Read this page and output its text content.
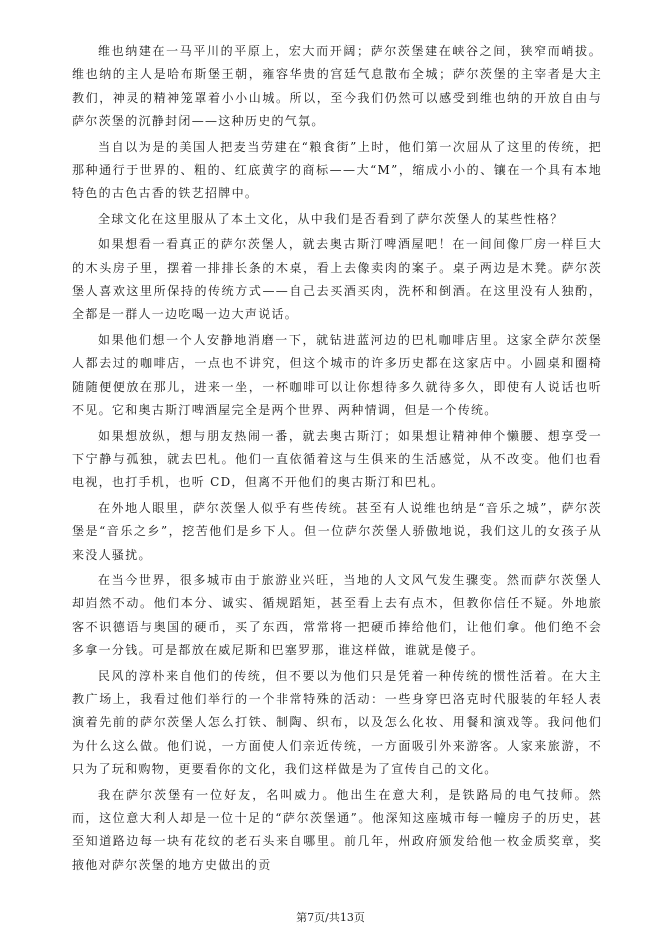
维也纳建在一马平川的平原上，宏大而开阔；萨尔茨堡建在峡谷之间，狭窄而峭拔。维也纳的主人是哈布斯堡王朝，雍容华贵的宫廷气息散布全城；萨尔茨堡的主宰者是大主教们，神灵的精神笼罩着小小山城。所以，至今我们仍然可以感受到维也纳的开放自由与萨尔茨堡的沉静封闭——这种历史的气氛。

当自以为是的美国人把麦当劳建在“粮食街”上时，他们第一次屈从了这里的传统，把那种通行于世界的、粗的、红底黄字的商标——大“M”，缩成小小的、镶在一个具有本地特色的古色古香的铁艺招牌中。

全球文化在这里服从了本土文化，从中我们是否看到了萨尔茨堡人的某些性格？

如果想看一看真正的萨尔茨堡人，就去奥古斯汀啤酒屋吧！在一间间像厂房一样巨大的木头房子里，摆着一排排长条的木桌，看上去像卖肉的案子。桌子两边是木凳。萨尔茨堡人喜欢这里所保持的传统方式——自己去买酒买肉，洗杯和倒酒。在这里没有人独酌，全都是一群人一边吃喝一边大声说话。

如果他们想一个人安静地消磨一下，就钻进蓝河边的巴札咖啡店里。这家全萨尔茨堡人都去过的咖啡店，一点也不讲究，但这个城市的许多历史都在这家店中。小圆桌和圈椅随随便便放在那儿，进来一坐，一杯咖啡可以让你想待多久就待多久，即使有人说话也听不见。它和奥古斯汀啤酒屋完全是两个世界、两种情调，但是一个传统。

如果想放纵，想与朋友热闹一番，就去奥古斯汀；如果想让精神伸个懒腰、想享受一下宁静与孤独，就去巴札。他们一直依循着这与生俱来的生活感觉，从不改变。他们也看电视，也打手机，也听 CD，但离不开他们的奥古斯汀和巴札。

在外地人眼里，萨尔茨堡人似乎有些传统。甚至有人说维也纳是“音乐之城”，萨尔茨堡是“音乐之乡”，挖苦他们是乡下人。但一位萨尔茨堡人骄傲地说，我们这儿的女孩子从来没人骚扰。

在当今世界，很多城市由于旅游业兴旺，当地的人文风气发生骤变。然而萨尔茨堡人却岿然不动。他们本分、诚实、循规蹈矩，甚至看上去有点木，但教你信任不疑。外地旅客不识德语与奥国的硬币，买了东西，常常将一把硬币捧给他们，让他们拿。他们绝不会多拿一分钱。可是都放在威尼斯和巴塞罗那，谁这样做，谁就是傻子。

民风的淳朴来自他们的传统，但不要以为他们只是凭着一种传统的惯性活着。在大主教广场上，我看过他们举行的一个非常特殊的活动：一些身穿巴洛克时代服装的年轻人表演着先前的萨尔茨堡人怎么打铁、制陶、织布，以及怎么化妆、用餐和演戏等。我问他们为什么这么做。他们说，一方面使人们亲近传统，一方面吸引外来游客。人家来旅游，不只为了玩和购物，更要看你的文化，我们这样做是为了宣传自己的文化。

我在萨尔茨堡有一位好友，名叫威力。他出生在意大利，是铁路局的电气技师。然而，这位意大利人却是一位十足的“萨尔茨堡通”。他深知这座城市每一幢房子的历史，甚至知道路边每一块有花纹的老石头来自哪里。前几年，州政府颁发给他一枚金质奖章，奖掖他对萨尔茨堡的地方史做出的贡

第7页/共13页
